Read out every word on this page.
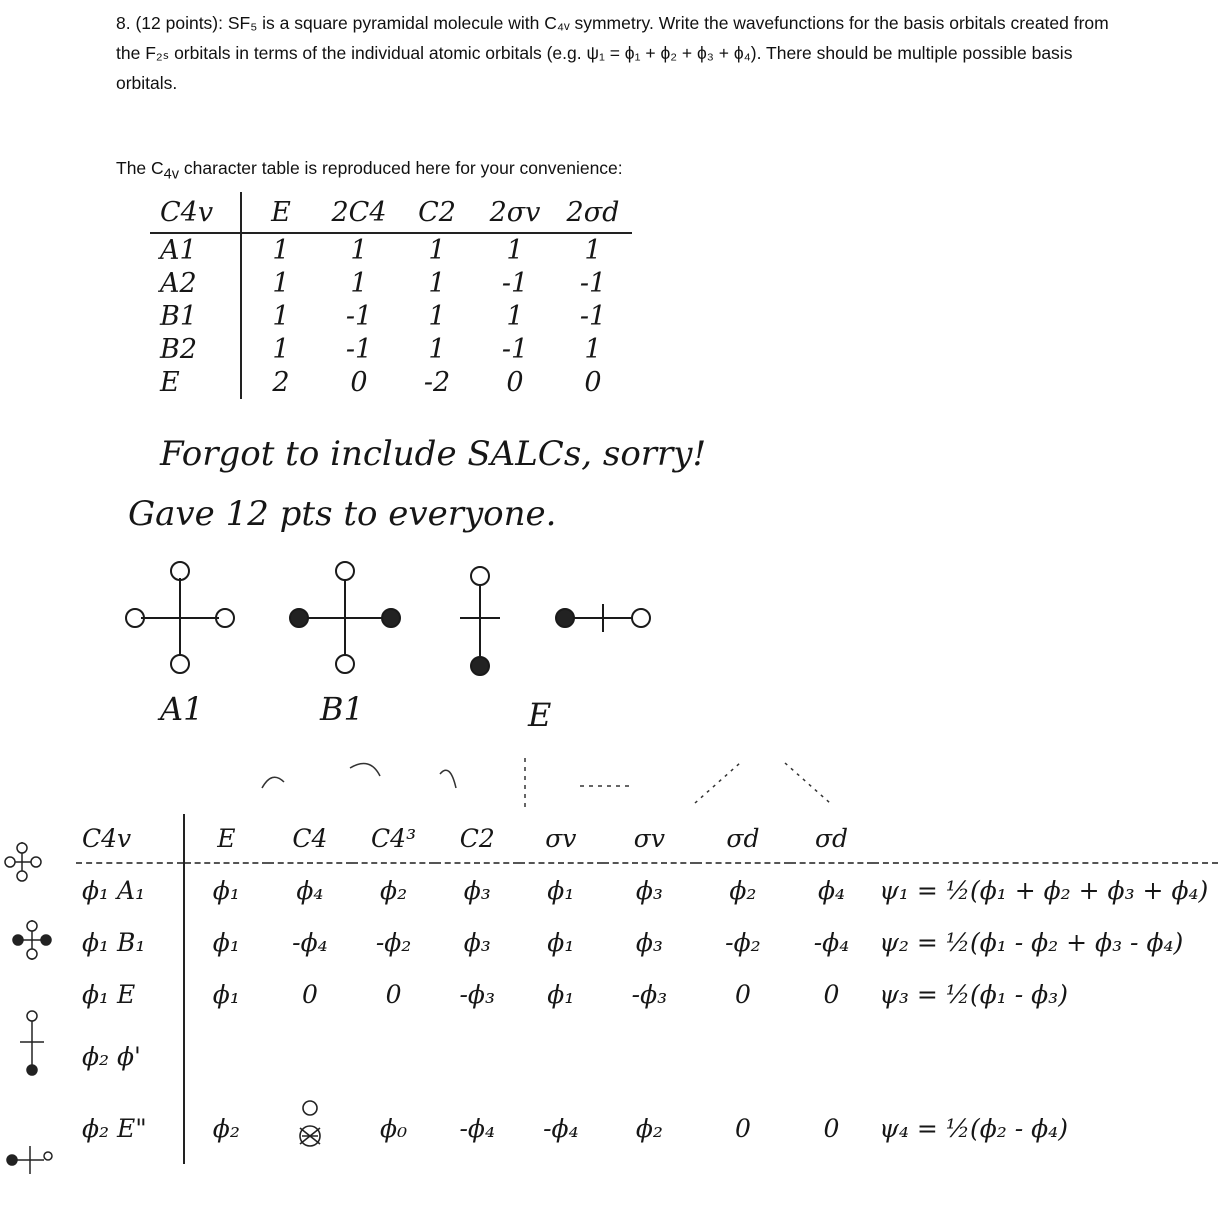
8. (12 points): SF₅ is a square pyramidal molecule with C₄ᵥ symmetry. Write the wavefunctions for the basis orbitals created from the F₂ₛ orbitals in terms of the individual atomic orbitals (e.g. ψ₁ = ϕ₁ + ϕ₂ + ϕ₃ + ϕ₄). There should be multiple possible basis orbitals.
The $C_{4v}$ character table is reproduced here for your convenience:
C4v	E	2C4	C2	2σv	2σd
A1	1	1	1	1	1
A2	1	1	1	-1	-1
B1	1	-1	1	1	-1
B2	1	-1	1	-1	1
E	2	0	-2	0	0
Forgot to include SALCs, sorry!
Gave 12 pts to everyone.
A1	B1	E
C4v	E	C4	C4³	C2	σv	σv	σd	σd	
ϕ₁ A₁	ϕ₁	ϕ₄	ϕ₂	ϕ₃	ϕ₁	ϕ₃	ϕ₂	ϕ₄	ψ₁ = ½(ϕ₁ + ϕ₂ + ϕ₃ + ϕ₄)
ϕ₁ B₁	ϕ₁	-ϕ₄	-ϕ₂	ϕ₃	ϕ₁	ϕ₃	-ϕ₂	-ϕ₄	ψ₂ = ½(ϕ₁ - ϕ₂ + ϕ₃ - ϕ₄)
ϕ₁ E	ϕ₁	0	0	-ϕ₃	ϕ₁	-ϕ₃	0	0	ψ₃ = ½(ϕ₁ - ϕ₃)
ϕ₂ ϕ'									
ϕ₂ E"	ϕ₂		ϕ₀	-ϕ₄	-ϕ₄	ϕ₂	0	0	ψ₄ = ½(ϕ₂ - ϕ₄)
